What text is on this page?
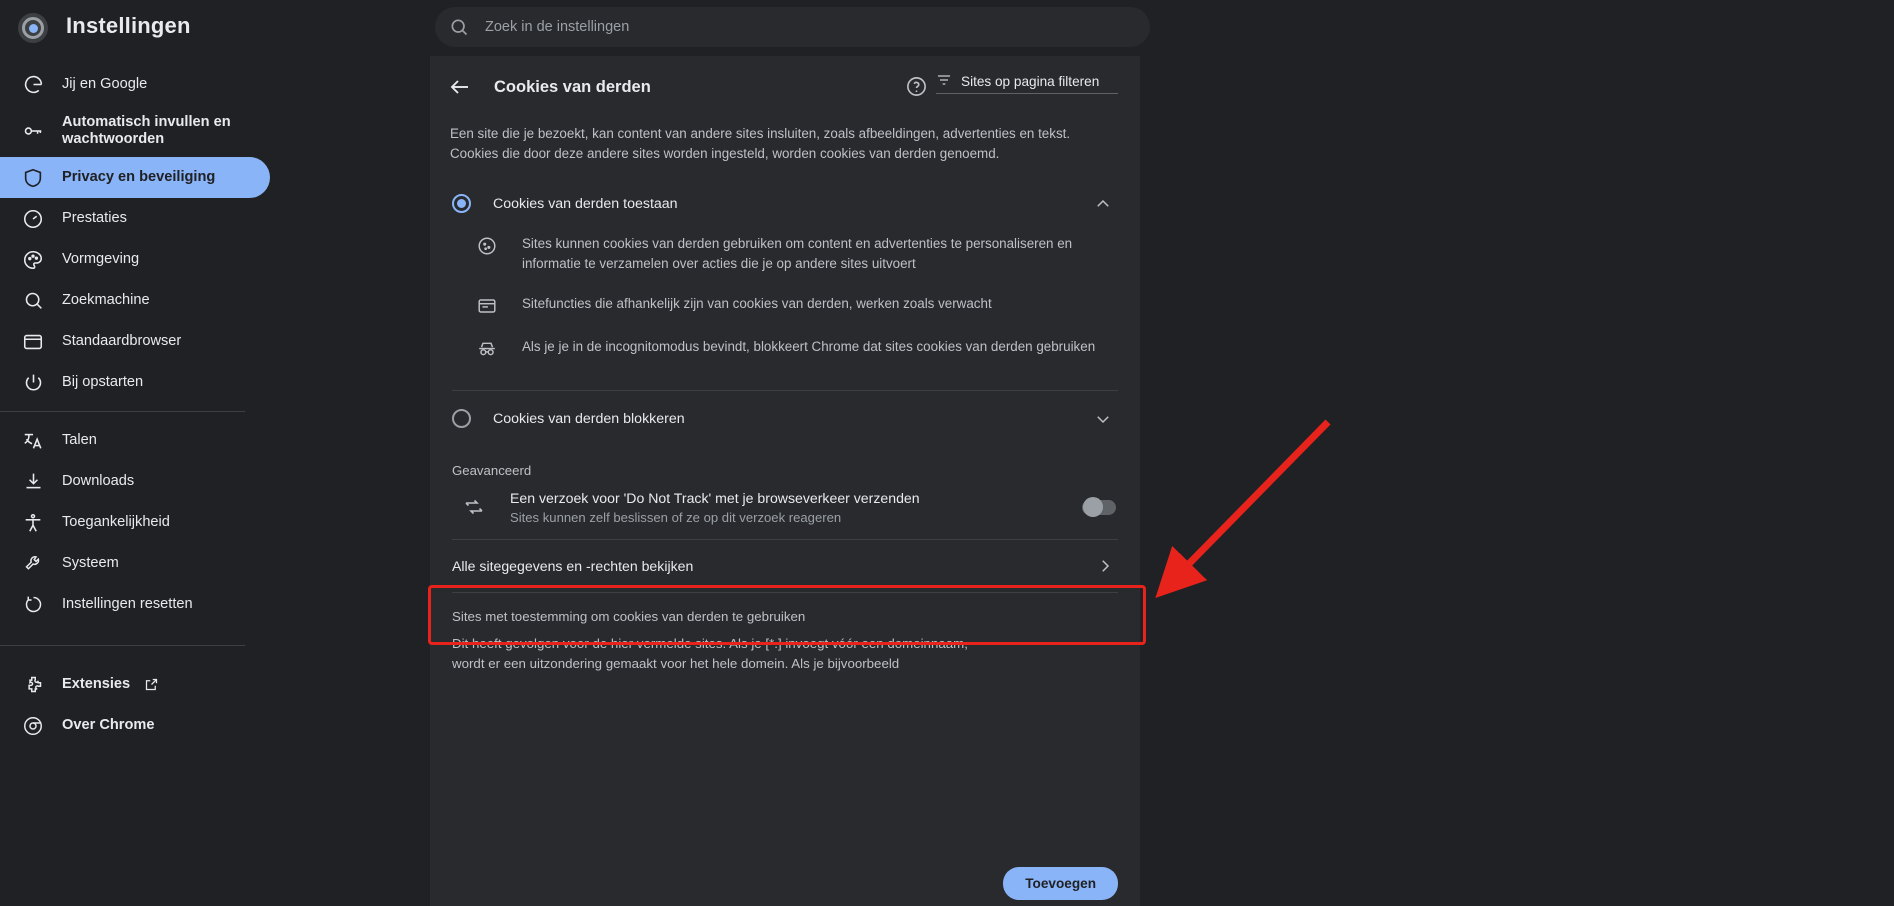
Instellingen
Zoek in de instellingen
Jij en Google
Automatisch invullen en wachtwoorden
Privacy en beveiliging
Prestaties
Vormgeving
Zoekmachine
Standaardbrowser
Bij opstarten
Talen
Downloads
Toegankelijkheid
Systeem
Instellingen resetten
Extensies
Over Chrome
Cookies van derden	Sites op pagina filteren
Een site die je bezoekt, kan content van andere sites insluiten, zoals afbeeldingen, advertenties en tekst. Cookies die door deze andere sites worden ingesteld, worden cookies van derden genoemd.
Cookies van derden toestaan
Sites kunnen cookies van derden gebruiken om content en advertenties te personaliseren en informatie te verzamelen over acties die je op andere sites uitvoert
Sitefuncties die afhankelijk zijn van cookies van derden, werken zoals verwacht
Als je je in de incognitomodus bevindt, blokkeert Chrome dat sites cookies van derden gebruiken
Cookies van derden blokkeren
Geavanceerd
Een verzoek voor 'Do Not Track' met je browseverkeer verzenden
Sites kunnen zelf beslissen of ze op dit verzoek reageren
Alle sitegegevens en -rechten bekijken
Sites met toestemming om cookies van derden te gebruiken
Dit heeft gevolgen voor de hier vermelde sites. Als je [*.] invoegt vóór een domeinnaam, wordt er een uitzondering gemaakt voor het hele domein. Als je bijvoorbeeld
Toevoegen
